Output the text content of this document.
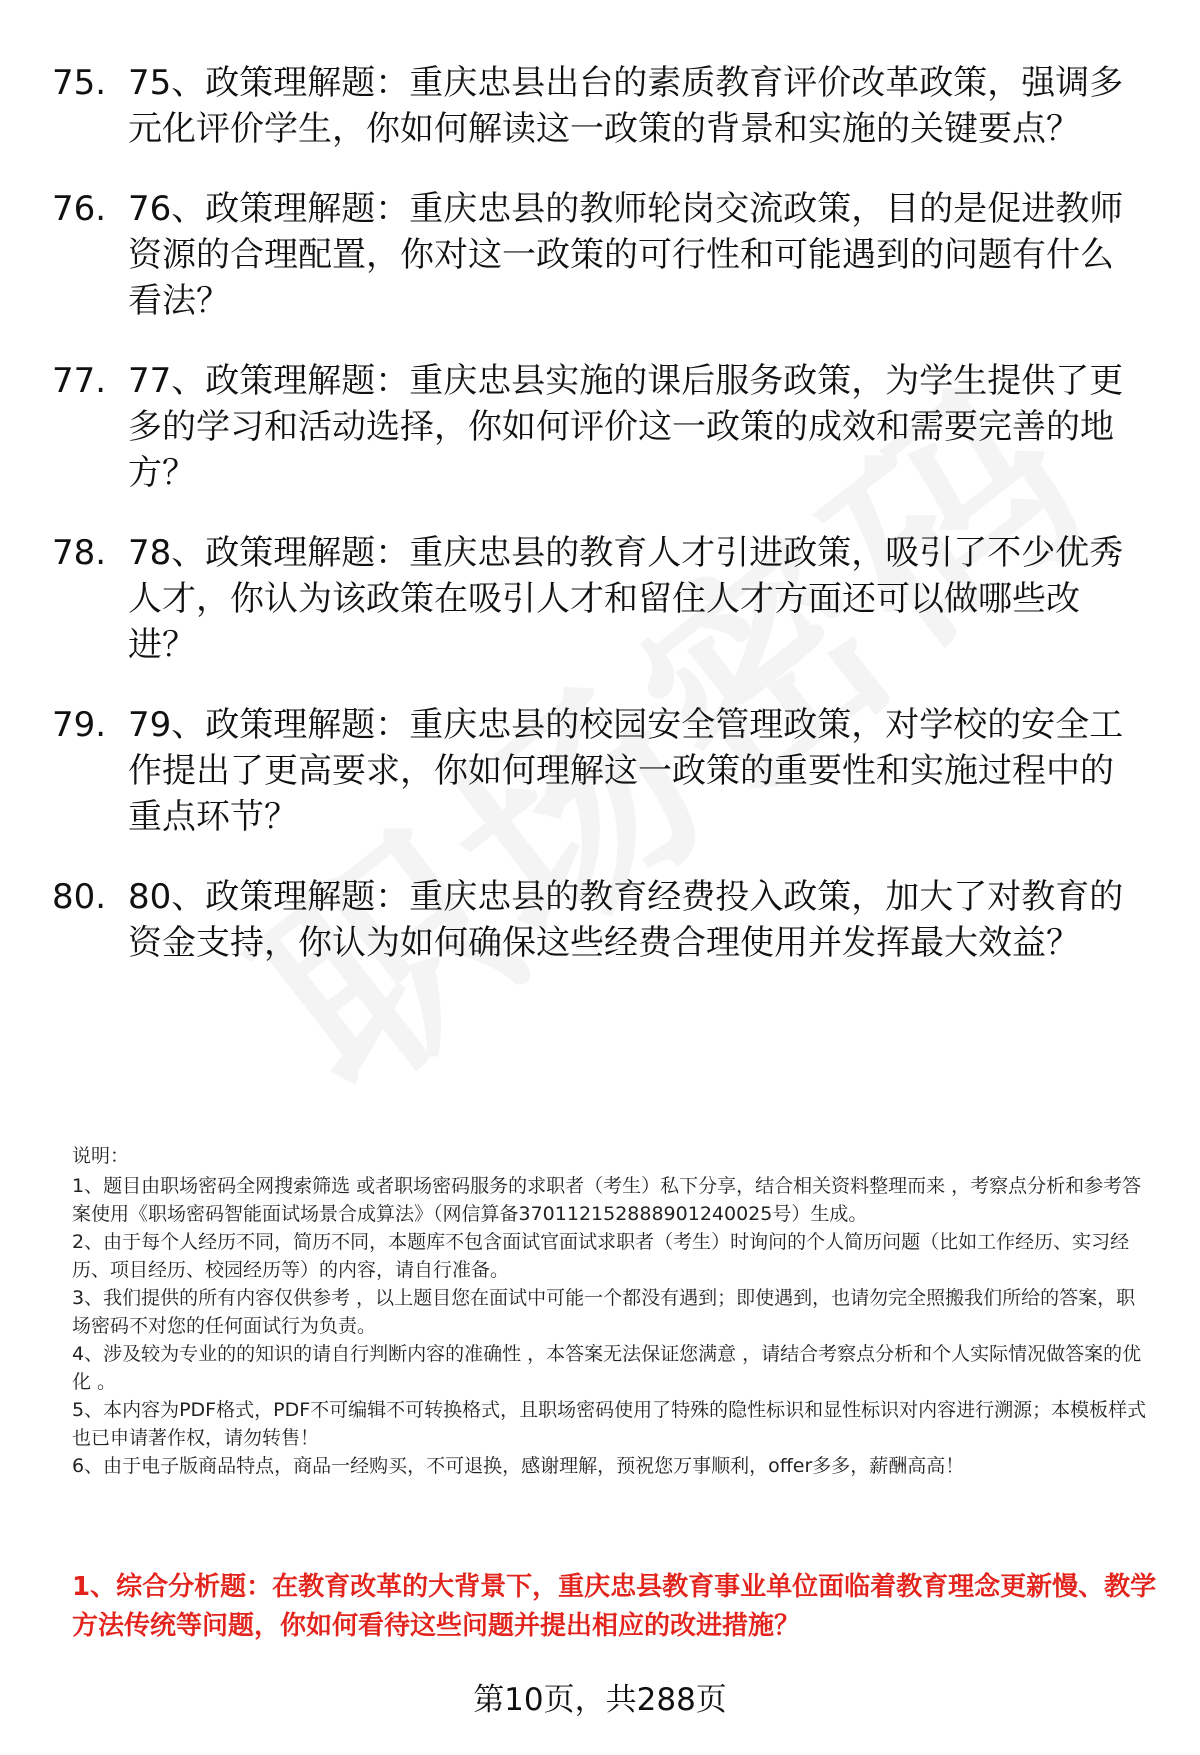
75. 75、政策理解题：重庆忠县出台的素质教育评价改革政策，强调多元化评价学生，你如何解读这一政策的背景和实施的关键要点？
76. 76、政策理解题：重庆忠县的教师轮岗交流政策，目的是促进教师资源的合理配置，你对这一政策的可行性和可能遇到的问题有什么看法？
77. 77、政策理解题：重庆忠县实施的课后服务政策，为学生提供了更多的学习和活动选择，你如何评价这一政策的成效和需要完善的地方？
78. 78、政策理解题：重庆忠县的教育人才引进政策，吸引了不少优秀人才，你认为该政策在吸引人才和留住人才方面还可以做哪些改进？
79. 79、政策理解题：重庆忠县的校园安全管理政策，对学校的安全工作提出了更高要求，你如何理解这一政策的重要性和实施过程中的重点环节？
80. 80、政策理解题：重庆忠县的教育经费投入政策，加大了对教育的资金支持，你认为如何确保这些经费合理使用并发挥最大效益？
说明：

1、题目由职场密码全网搜索筛选 或者职场密码服务的求职者（考生）私下分享，结合相关资料整理而来 ，考察点分析和参考答案使用《职场密码智能面试场景合成算法》（网信算备370112152888901240025号）生成。

2、由于每个人经历不同，简历不同，本题库不包含面试官面试求职者（考生）时询问的个人简历问题（比如工作经历、实习经历、项目经历、校园经历等）的内容，请自行准备。

3、我们提供的所有内容仅供参考 ，以上题目您在面试中可能一个都没有遇到；即使遇到，也请勿完全照搬我们所给的答案，职场密码不对您的任何面试行为负责。

4、涉及较为专业的的知识的请自行判断内容的准确性 ，本答案无法保证您满意 ，请结合考察点分析和个人实际情况做答案的优化 。

5、本内容为PDF格式，PDF不可编辑不可转换格式，且职场密码使用了特殊的隐性标识和显性标识对内容进行溯源；本模板样式也已申请著作权，请勿转售！

6、由于电子版商品特点，商品一经购买，不可退换，感谢理解，预祝您万事顺利，offer多多，薪酬高高！

1、综合分析题：在教育改革的大背景下，重庆忠县教育事业单位面临着教育理念更新慢、教学方法传统等问题，你如何看待这些问题并提出相应的改进措施？
第10页，共288页
